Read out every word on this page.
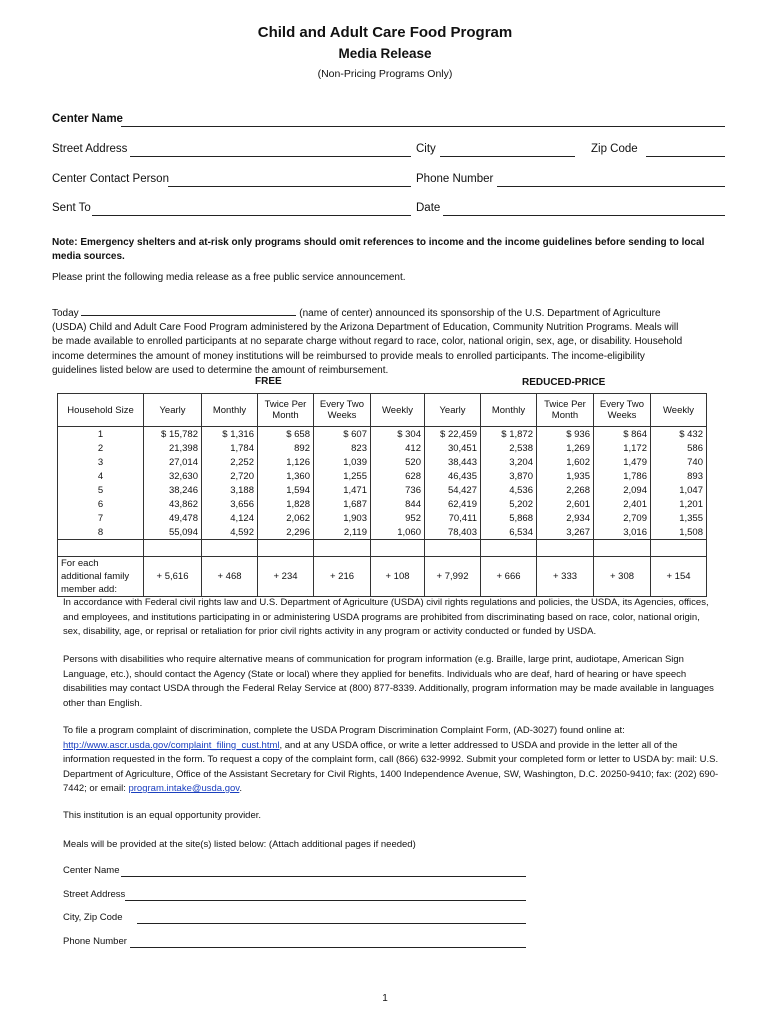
Child and Adult Care Food Program
Media Release
(Non-Pricing Programs Only)
Center Name
Street Address	City	Zip Code
Center Contact Person	Phone Number
Sent To	Date
Note: Emergency shelters and at-risk only programs should omit references to income and the income guidelines before sending to local media sources.
Please print the following media release as a free public service announcement.
Today	(name of center) announced its sponsorship of the U.S. Department of Agriculture
(USDA) Child and Adult Care Food Program administered by the Arizona Department of Education, Community Nutrition Programs. Meals will
be made available to enrolled participants at no separate charge without regard to race, color, national origin, sex, age, or disability. Household
income determines the amount of money institutions will be reimbursed to provide meals to enrolled participants. The income-eligibility
guidelines listed below are used to determine the amount of reimbursement.
FREE	REDUCED-PRICE
Household Size	Yearly	Monthly	Twice Per Month	Every Two Weeks	Weekly	Yearly	Monthly	Twice Per Month	Every Two Weeks	Weekly
1	$ 15,782	$ 1,316	$ 658	$ 607	$ 304	$ 22,459	$ 1,872	$ 936	$ 864	$ 432
2	21,398	1,784	892	823	412	30,451	2,538	1,269	1,172	586
3	27,014	2,252	1,126	1,039	520	38,443	3,204	1,602	1,479	740
4	32,630	2,720	1,360	1,255	628	46,435	3,870	1,935	1,786	893
5	38,246	3,188	1,594	1,471	736	54,427	4,536	2,268	2,094	1,047
6	43,862	3,656	1,828	1,687	844	62,419	5,202	2,601	2,401	1,201
7	49,478	4,124	2,062	1,903	952	70,411	5,868	2,934	2,709	1,355
8	55,094	4,592	2,296	2,119	1,060	78,403	6,534	3,267	3,016	1,508

For each additional family member add:	+ 5,616	+ 468	+ 234	+ 216	+ 108	+ 7,992	+ 666	+ 333	+ 308	+ 154
In accordance with Federal civil rights law and U.S. Department of Agriculture (USDA) civil rights regulations and policies, the USDA, its Agencies, offices, and employees, and institutions participating in or administering USDA programs are prohibited from discriminating based on race, color, national origin, sex, disability, age, or reprisal or retaliation for prior civil rights activity in any program or activity conducted or funded by USDA.
Persons with disabilities who require alternative means of communication for program information (e.g. Braille, large print, audiotape, American Sign Language, etc.), should contact the Agency (State or local) where they applied for benefits. Individuals who are deaf, hard of hearing or have speech disabilities may contact USDA through the Federal Relay Service at (800) 877-8339. Additionally, program information may be made available in languages other than English.
To file a program complaint of discrimination, complete the USDA Program Discrimination Complaint Form, (AD-3027) found online at: http://www.ascr.usda.gov/complaint_filing_cust.html, and at any USDA office, or write a letter addressed to USDA and provide in the letter all of the information requested in the form. To request a copy of the complaint form, call (866) 632-9992. Submit your completed form or letter to USDA by: mail: U.S. Department of Agriculture, Office of the Assistant Secretary for Civil Rights, 1400 Independence Avenue, SW, Washington, D.C. 20250-9410; fax: (202) 690-7442; or email: program.intake@usda.gov.
This institution is an equal opportunity provider.
Meals will be provided at the site(s) listed below: (Attach additional pages if needed)
Center Name
Street Address
City, Zip Code
Phone Number
1
